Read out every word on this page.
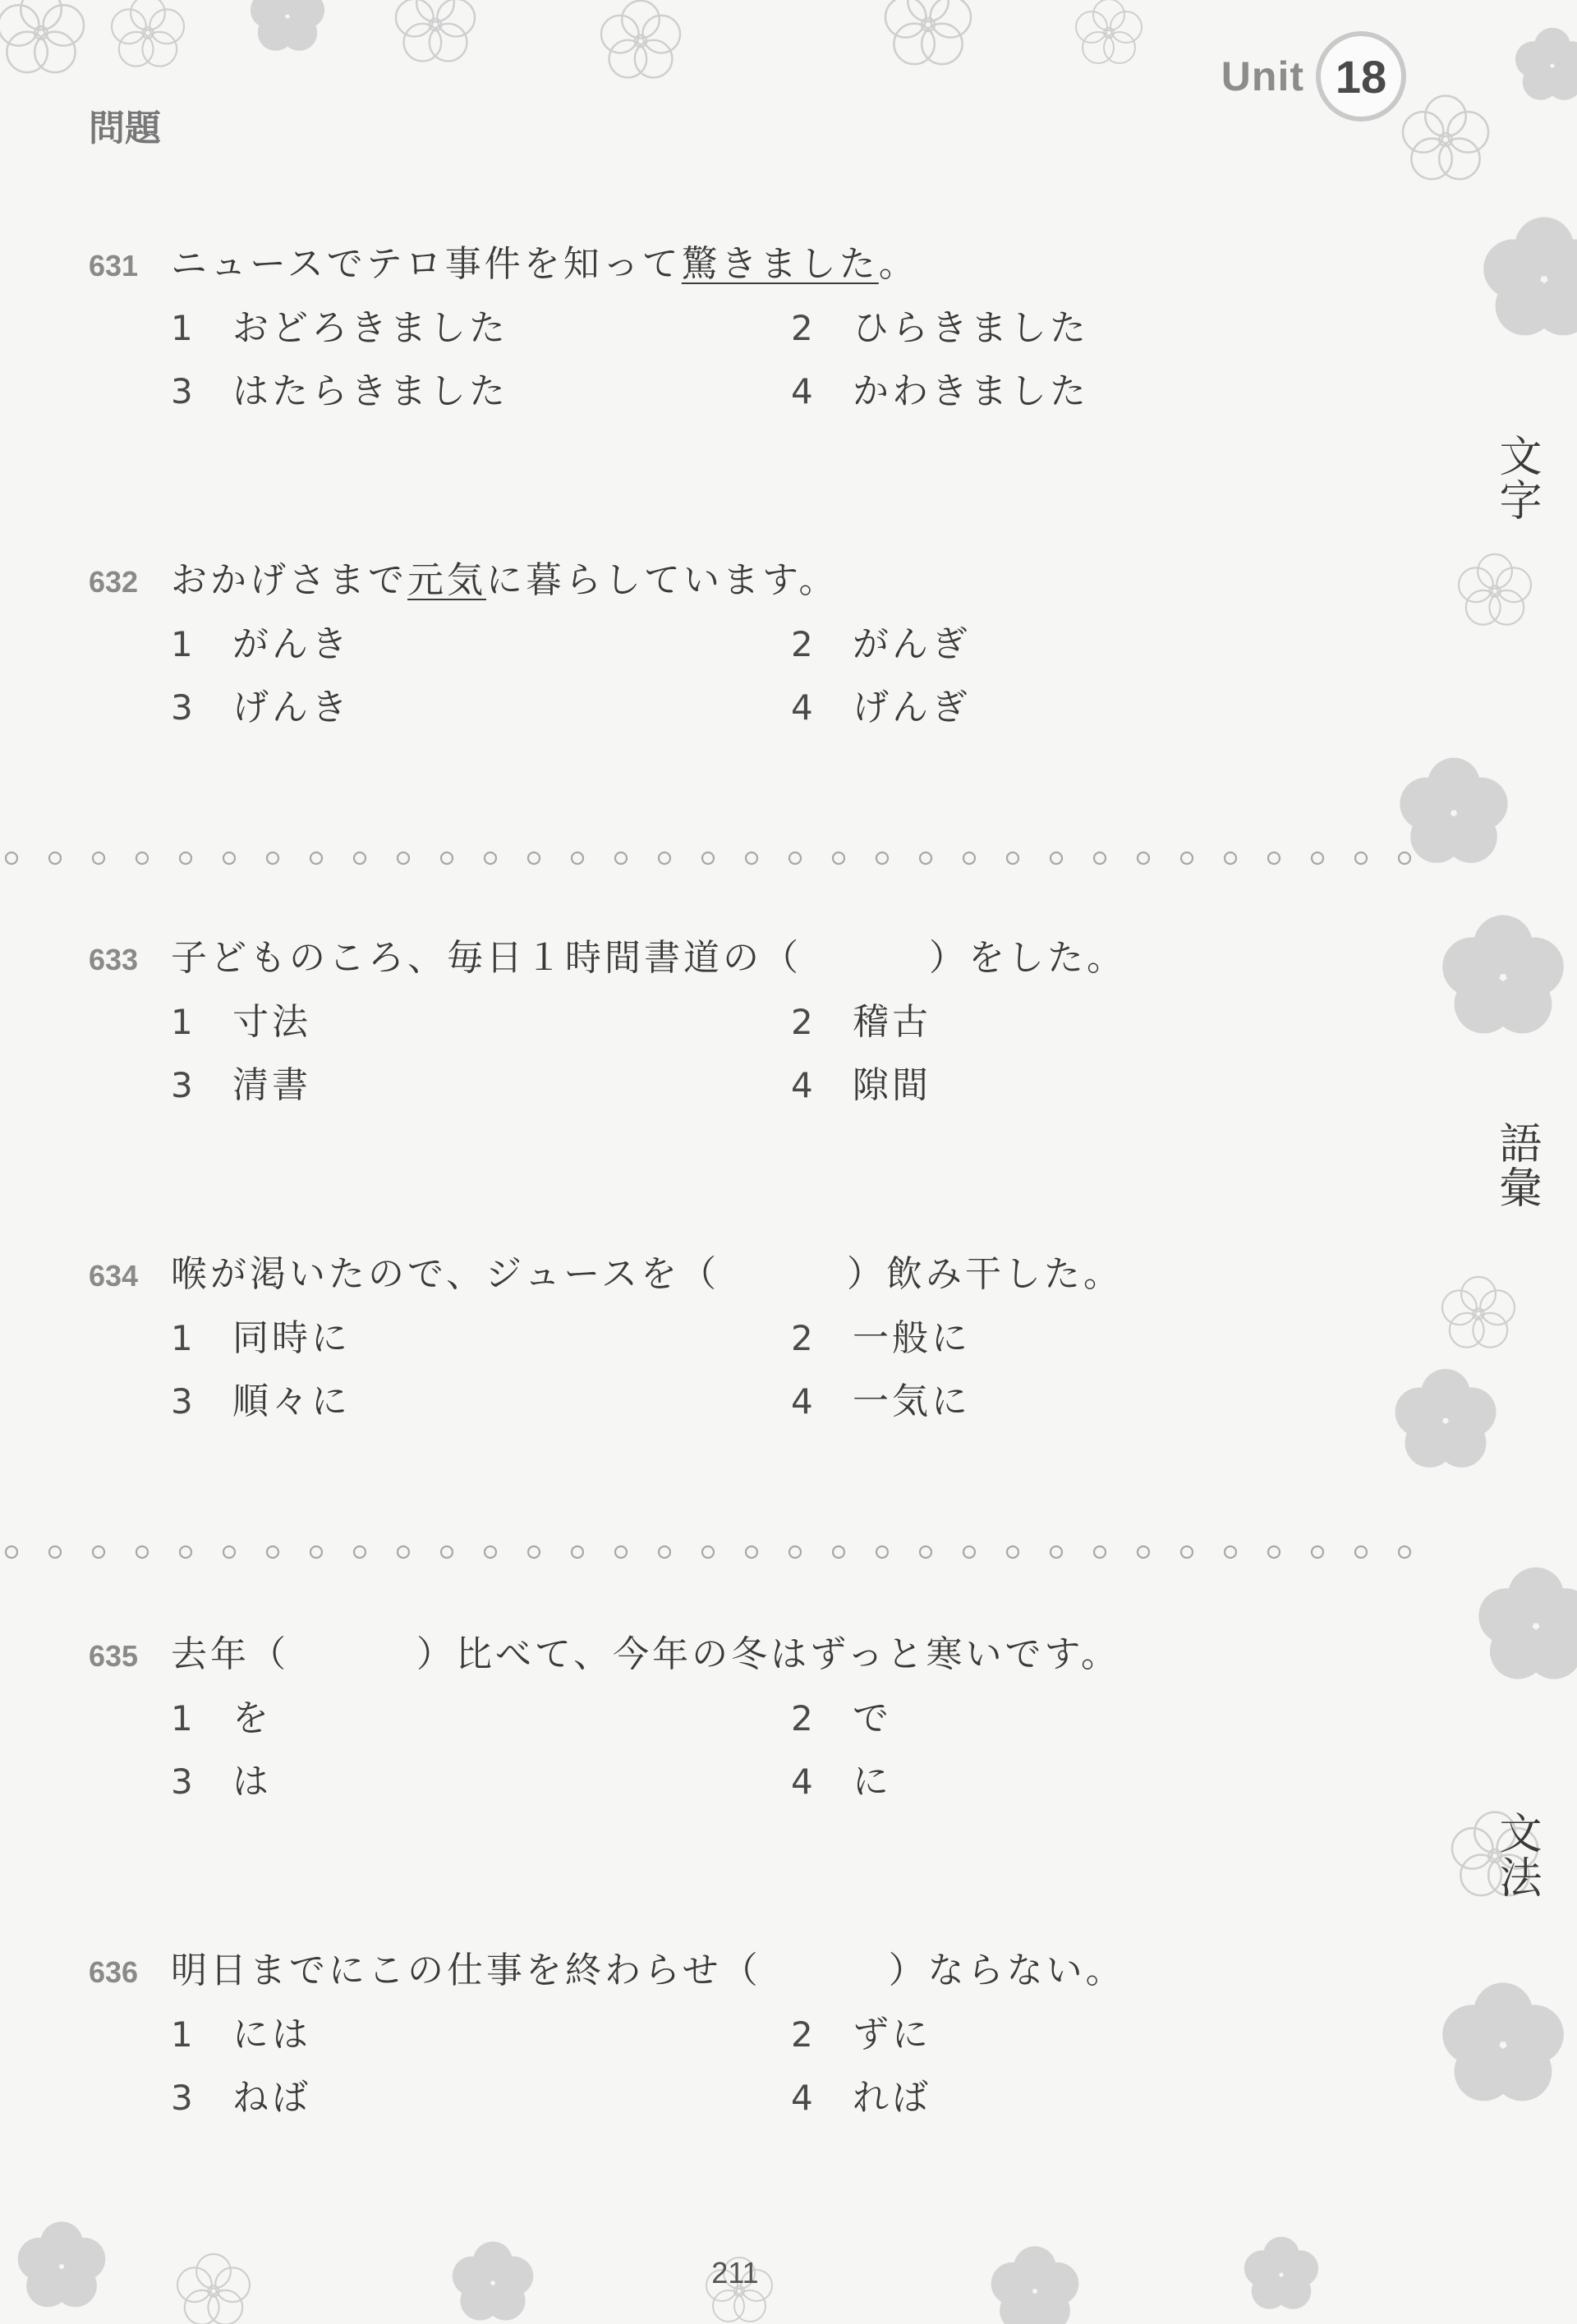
Unit 18
問題
文字
語彙
文法
631 ニュースでテロ事件を知って驚きました。
1 おどろきました	2 ひらきました
3 はたらきました	4 かわきました
632 おかげさまで元気に暮らしています。
1 がんき	2 がんぎ
3 げんき	4 げんぎ
633 子どものころ、毎日１時間書道の（	）をした。
1 寸法	2 稽古
3 清書	4 隙間
634 喉が渇いたので、ジュースを（	）飲み干した。
1 同時に	2 一般に
3 順々に	4 一気に
635 去年（	）比べて、今年の冬はずっと寒いです。
1 を	2 で
3 は	4 に
636 明日までにこの仕事を終わらせ（	）ならない。
1 には	2 ずに
3 ねば	4 れば
211
